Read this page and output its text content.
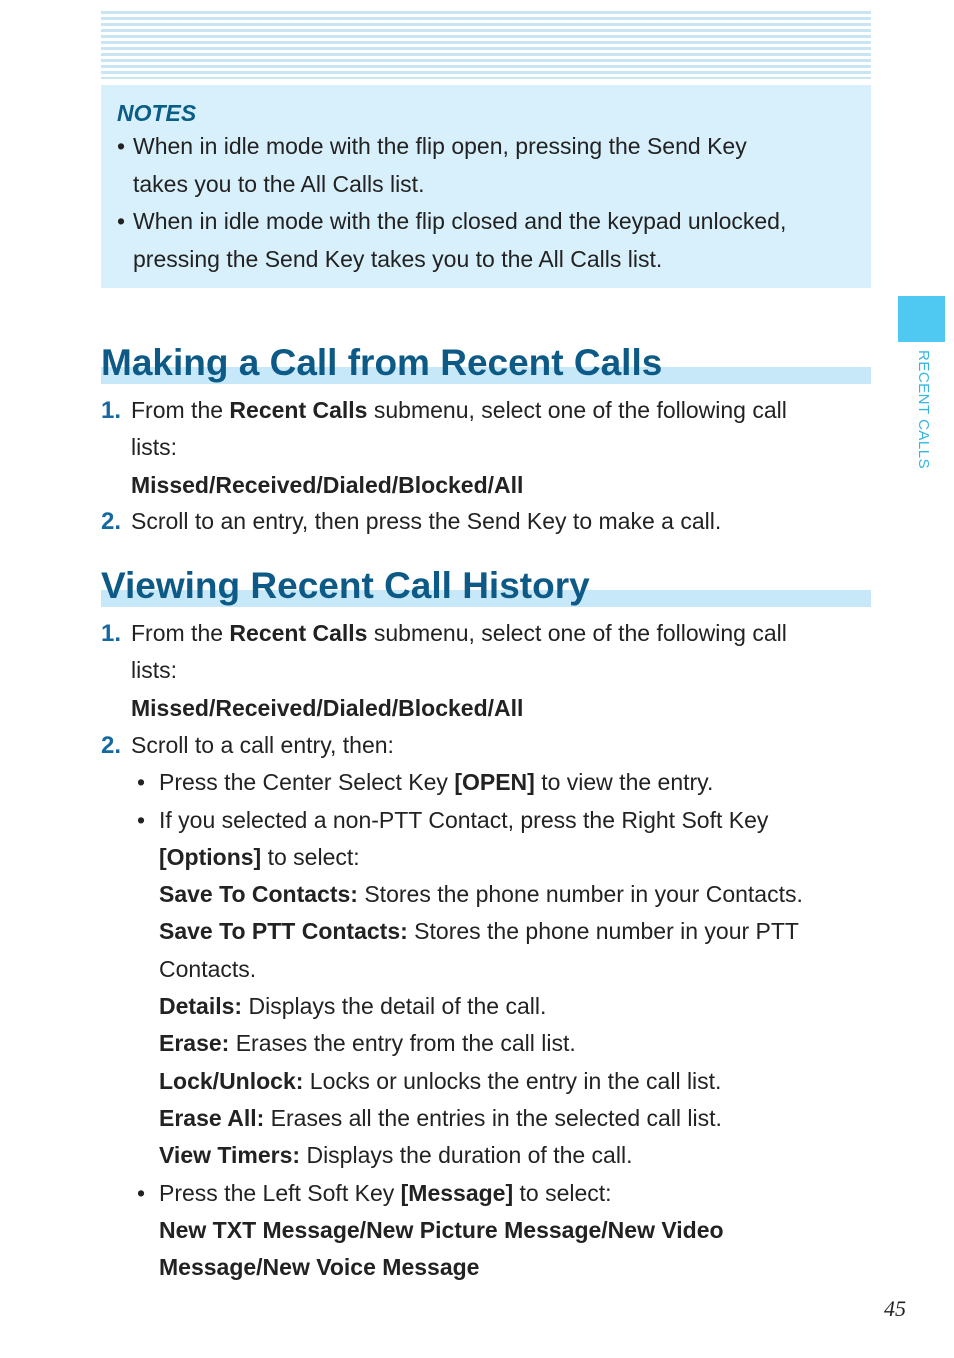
NOTES
• When in idle mode with the flip open, pressing the Send Key
takes you to the All Calls list.
• When in idle mode with the flip closed and the keypad unlocked,
pressing the Send Key takes you to the All Calls list.
Making a Call from Recent Calls
1. From the Recent Calls submenu, select one of the following call
lists:
Missed/Received/Dialed/Blocked/All
2. Scroll to an entry, then press the Send Key to make a call.
Viewing Recent Call History
1. From the Recent Calls submenu, select one of the following call
lists:
Missed/Received/Dialed/Blocked/All
2. Scroll to a call entry, then:
• Press the Center Select Key [OPEN] to view the entry.
• If you selected a non-PTT Contact, press the Right Soft Key
[Options] to select:
Save To Contacts: Stores the phone number in your Contacts.
Save To PTT Contacts: Stores the phone number in your PTT
Contacts.
Details: Displays the detail of the call.
Erase: Erases the entry from the call list.
Lock/Unlock: Locks or unlocks the entry in the call list.
Erase All: Erases all the entries in the selected call list.
View Timers: Displays the duration of the call.
• Press the Left Soft Key [Message] to select:
New TXT Message/New Picture Message/New Video
Message/New Voice Message
RECENT CALLS
45
